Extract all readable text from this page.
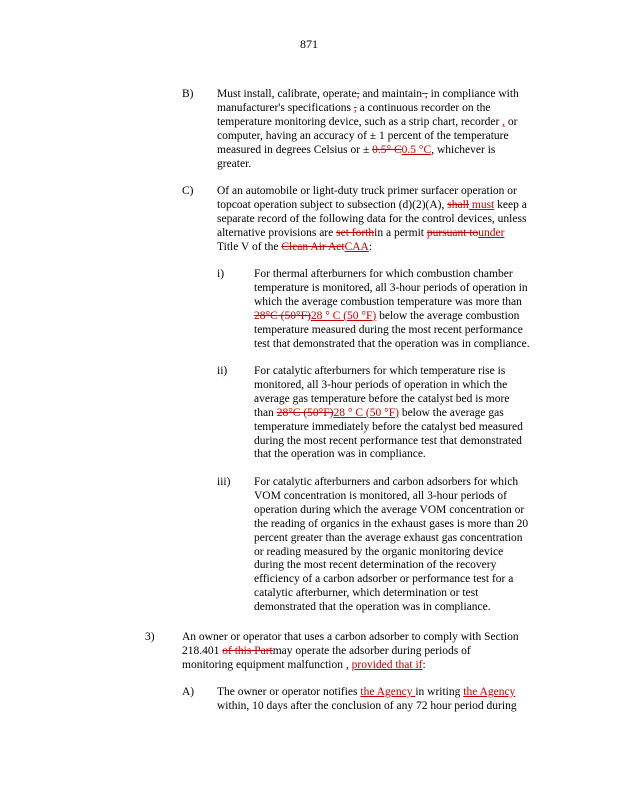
871
B) Must install, calibrate, operate, and maintain , in compliance with

manufacturer's specifications , a continuous recorder on the

temperature monitoring device, such as a strip chart, recorder , or

computer, having an accuracy of ± 1 percent of the temperature

measured in degrees Celsius or ± 0.5° C0.5 °C, whichever is

greater.

C) Of an automobile or light-duty truck primer surfacer operation or

topcoat operation subject to subsection (d)(2)(A), shall must keep a

separate record of the following data for the control devices, unless

alternative provisions are set forthin a permit pursuant tounder

Title V of the Clean Air ActCAA:

i)	For thermal afterburners for which combustion chamber

temperature is monitored, all 3-hour periods of operation in

which the average combustion temperature was more than

28°C (50°F)28 ° C (50 °F) below the average combustion

temperature measured during the most recent performance

test that demonstrated that the operation was in compliance.

ii) For catalytic afterburners for which temperature rise is

monitored, all 3-hour periods of operation in which the

average gas temperature before the catalyst bed is more

than 28°C (50°F)28 ° C (50 °F) below the average gas

temperature immediately before the catalyst bed measured

during the most recent performance test that demonstrated

that the operation was in compliance.

iii) For catalytic afterburners and carbon adsorbers for which

VOM concentration is monitored, all 3-hour periods of

operation during which the average VOM concentration or

the reading of organics in the exhaust gases is more than 20

percent greater than the average exhaust gas concentration

or reading measured by the organic monitoring device

during the most recent determination of the recovery

efficiency of a carbon adsorber or performance test for a

catalytic afterburner, which determination or test

demonstrated that the operation was in compliance.

3) An owner or operator that uses a carbon adsorber to comply with Section

218.401 of this Partmay operate the adsorber during periods of

monitoring equipment malfunction , provided that if:

A) The owner or operator notifies the Agency in writing the Agency

within, 10 days after the conclusion of any 72 hour period during
